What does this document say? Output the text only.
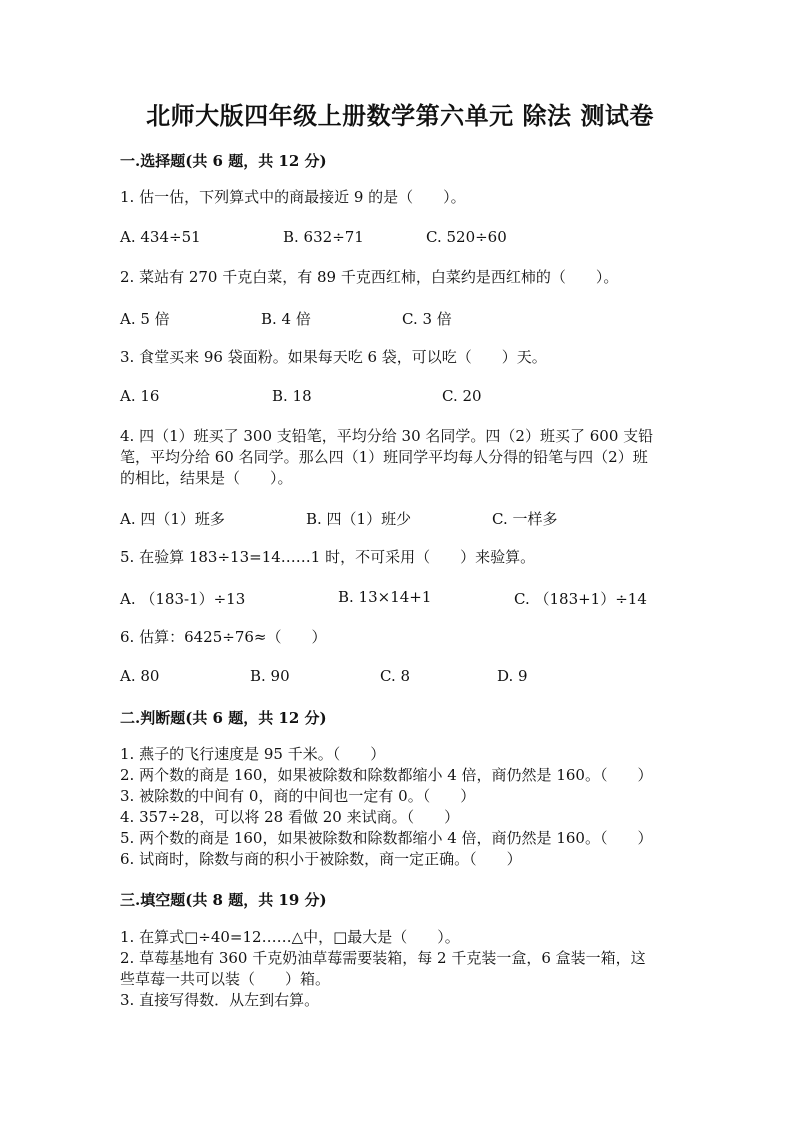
北师大版四年级上册数学第六单元 除法 测试卷
一.选择题(共 6 题，共 12 分)
1. 估一估，下列算式中的商最接近 9 的是（　　）。
A. 434÷51	B. 632÷71	C. 520÷60
2. 菜站有 270 千克白菜，有 89 千克西红柿，白菜约是西红柿的（　　）。
A. 5 倍	B. 4 倍	C. 3 倍
3. 食堂买来 96 袋面粉。如果每天吃 6 袋，可以吃（　　）天。
A. 16	B. 18	C. 20
4. 四（1）班买了 300 支铅笔，平均分给 30 名同学。四（2）班买了 600 支铅
笔，平均分给 60 名同学。那么四（1）班同学平均每人分得的铅笔与四（2）班
的相比，结果是（　　）。
A. 四（1）班多	B. 四（1）班少	C. 一样多
5. 在验算 183÷13=14……1 时，不可采用（　　）来验算。
A. （183-1）÷13	B. 13×14+1	C. （183+1）÷14
6. 估算：6425÷76≈（　　）
A. 80	B. 90	C. 8	D. 9
二.判断题(共 6 题，共 12 分)
1. 燕子的飞行速度是 95 千米。（　　）
2. 两个数的商是 160，如果被除数和除数都缩小 4 倍，商仍然是 160。（　　）
3. 被除数的中间有 0，商的中间也一定有 0。（　　）
4. 357÷28，可以将 28 看做 20 来试商。（　　）
5. 两个数的商是 160，如果被除数和除数都缩小 4 倍，商仍然是 160。（　　）
6. 试商时，除数与商的积小于被除数，商一定正确。（　　）
三.填空题(共 8 题，共 19 分)
1. 在算式□÷40=12……△中，□最大是（　　）。
2. 草莓基地有 360 千克奶油草莓需要装箱，每 2 千克装一盒，6 盒装一箱，这
些草莓一共可以装（　　）箱。
3. 直接写得数．从左到右算。
